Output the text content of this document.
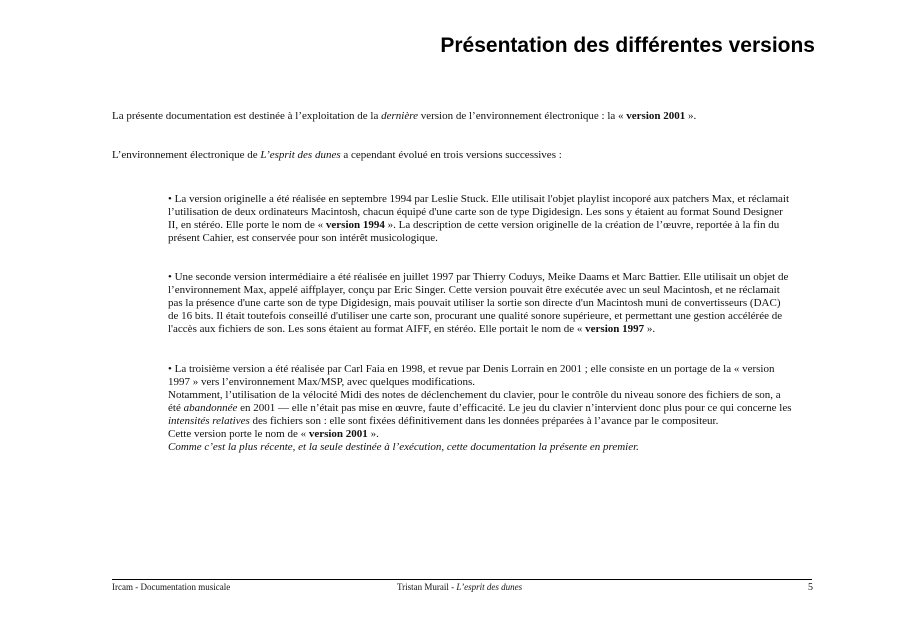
Présentation des différentes versions
La présente documentation est destinée à l’exploitation de la dernière version de l’environnement électronique : la « version 2001 ».
L’environnement électronique de L’esprit des dunes a cependant évolué en trois versions successives :
• La version originelle a été réalisée en septembre 1994 par Leslie Stuck. Elle utilisait l'objet playlist incoporé aux patchers Max, et réclamait
l’utilisation de deux ordinateurs Macintosh, chacun équipé d'une carte son de type Digidesign. Les sons y étaient au format Sound Designer
II, en stéréo. Elle porte le nom de « version 1994 ». La description de cette version originelle de la création de l’œuvre, reportée à la fin du
présent Cahier, est conservée pour son intérêt musicologique.
• Une seconde version intermédiaire a été réalisée en juillet 1997 par Thierry Coduys, Meike Daams et Marc Battier. Elle utilisait un objet de
l’environnement Max, appelé aiffplayer, conçu par Eric Singer. Cette version pouvait être exécutée avec un seul Macintosh, et ne réclamait
pas la présence d'une carte son de type Digidesign, mais pouvait utiliser la sortie son directe d'un Macintosh muni de convertisseurs (DAC)
de 16 bits. Il était toutefois conseillé d'utiliser une carte son, procurant une qualité sonore supérieure, et permettant une gestion accélérée de
l'accès aux fichiers de son. Les sons étaient au format AIFF, en stéréo. Elle portait le nom de « version 1997 ».
• La troisième version a été réalisée par Carl Faia en 1998, et revue par Denis Lorrain en 2001 ; elle consiste en un portage de la « version
1997 » vers l’environnement Max/MSP, avec quelques modifications.
Notamment, l’utilisation de la vélocité Midi des notes de déclenchement du clavier, pour le contrôle du niveau sonore des fichiers de son, a
été abandonnée en 2001 — elle n’était pas mise en œuvre, faute d’efficacité. Le jeu du clavier n’intervient donc plus pour ce qui concerne les
intensités relatives des fichiers son : elle sont fixées définitivement dans les données préparées à l’avance par le compositeur.
Cette version porte le nom de « version 2001 ».
Comme c’est la plus récente, et la seule destinée à l’exécution, cette documentation la présente en premier.
Ircam - Documentation musicale	Tristan Murail - L’esprit des dunes	5
